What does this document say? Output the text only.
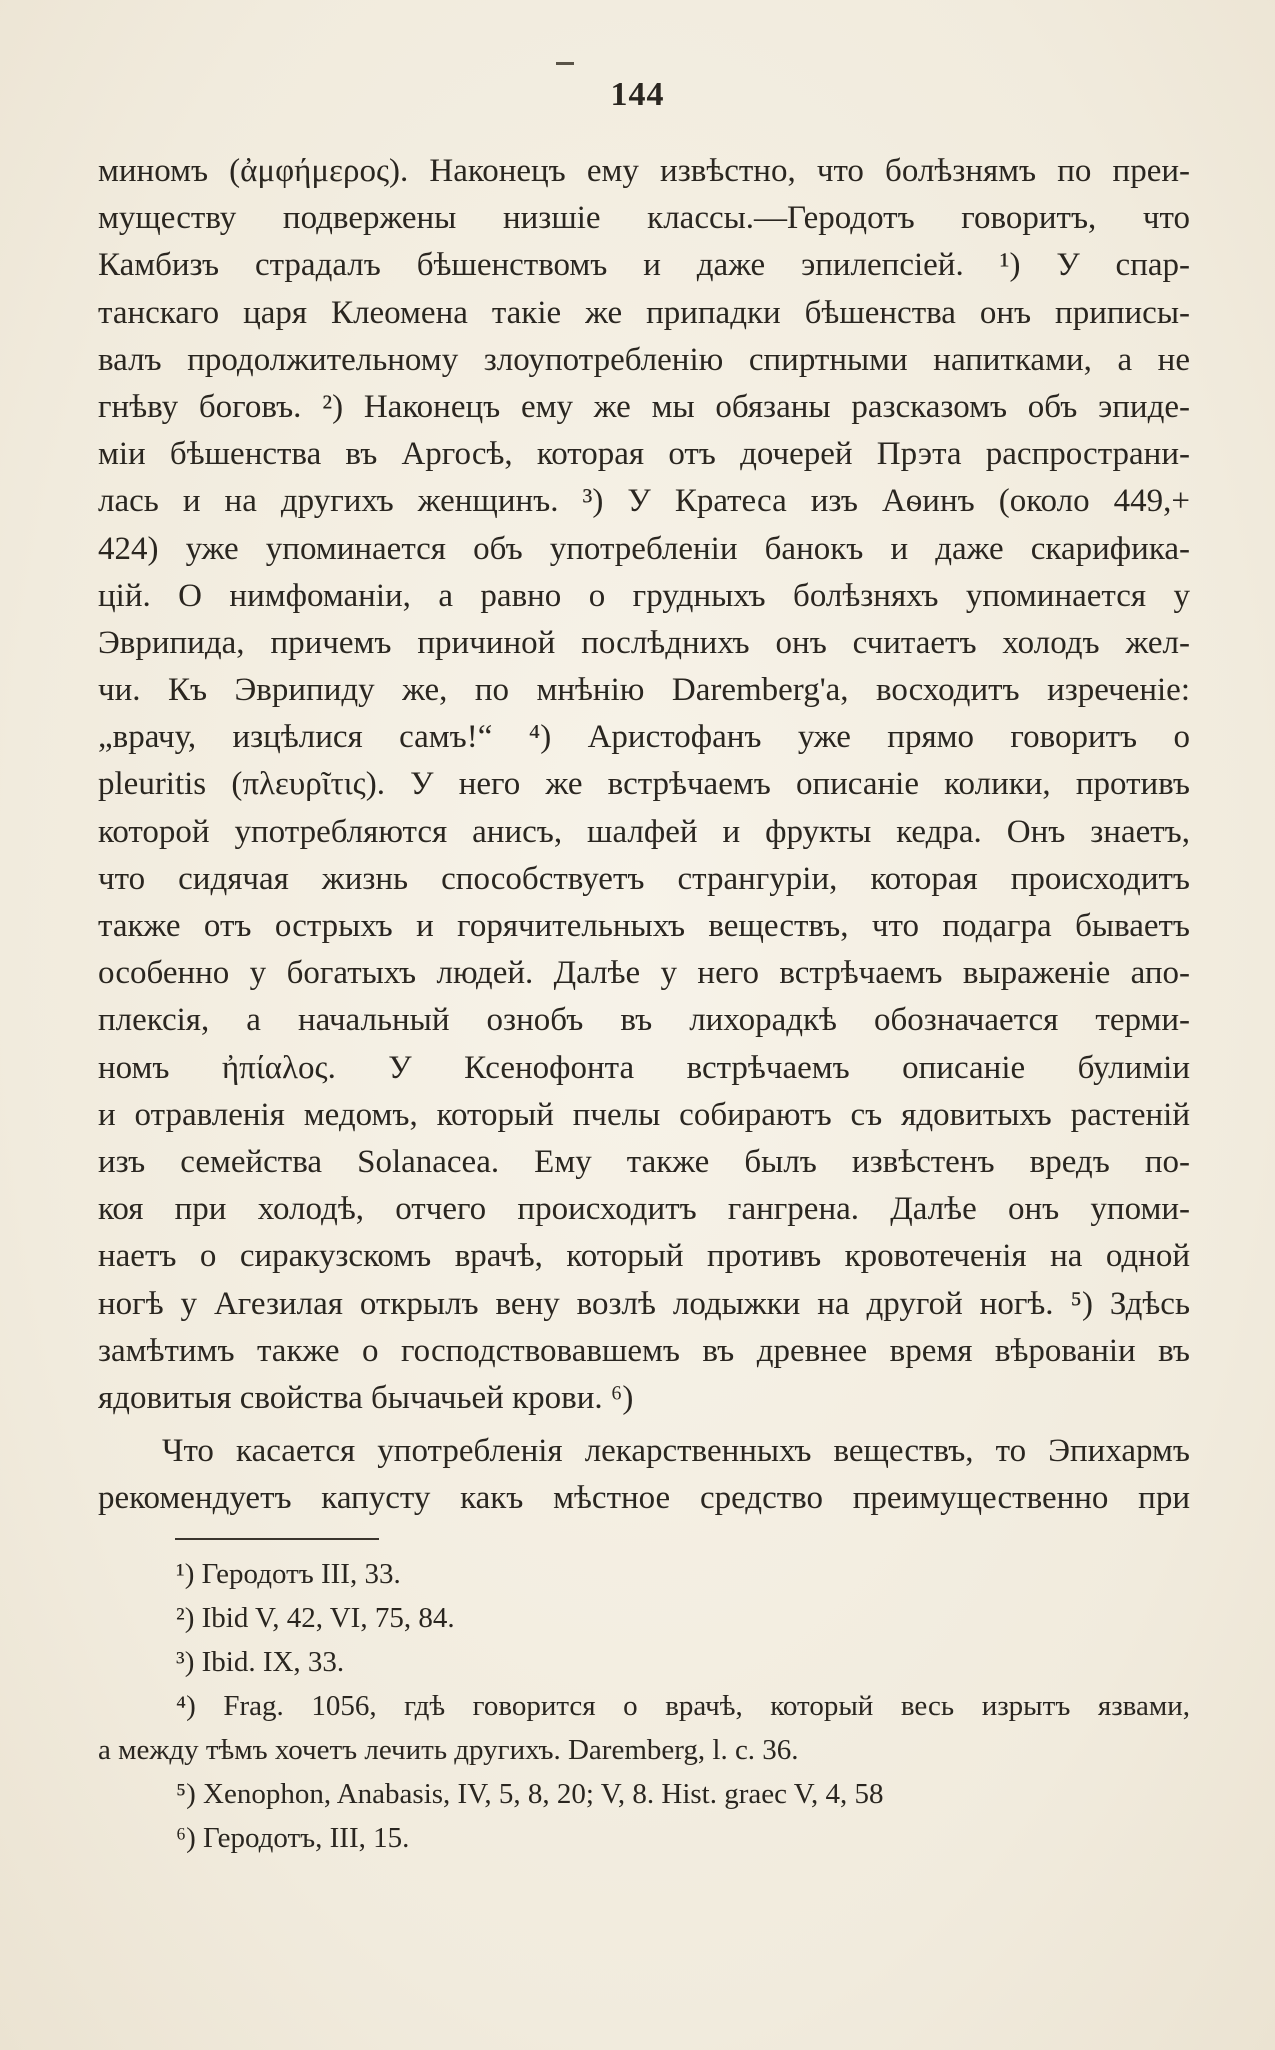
144
миномъ (ἀμφήμερος). Наконецъ ему извѣстно, что болѣзнямъ по преи-
муществу подвержены низшіе классы.—Геродотъ говоритъ, что
Камбизъ страдалъ бѣшенствомъ и даже эпилепсіей. ¹) У спар-
танскаго царя Клеомена такіе же припадки бѣшенства онъ приписы-
валъ продолжительному злоупотребленію спиртными напитками, а не
гнѣву боговъ. ²) Наконецъ ему же мы обязаны разсказомъ объ эпиде-
міи бѣшенства въ Аргосѣ, которая отъ дочерей Прэта распространи-
лась и на другихъ женщинъ. ³) У Кратеса изъ Аѳинъ (около 449,+
424) уже упоминается объ употребленіи банокъ и даже скарифика-
цій. О нимфоманіи, а равно о грудныхъ болѣзняхъ упоминается у
Эврипида, причемъ причиной послѣднихъ онъ считаетъ холодъ жел-
чи. Къ Эврипиду же, по мнѣнію Daremberg'а, восходитъ изреченіе:
„врачу, изцѣлися самъ!“ ⁴) Аристофанъ уже прямо говоритъ о
pleuritis (πλευρῖτις). У него же встрѣчаемъ описаніе колики, противъ
которой употребляются анисъ, шалфей и фрукты кедра. Онъ знаетъ,
что сидячая жизнь способствуетъ странгуріи, которая происходитъ
также отъ острыхъ и горячительныхъ веществъ, что подагра бываетъ
особенно у богатыхъ людей. Далѣе у него встрѣчаемъ выраженіе апо-
плексія, а начальный ознобъ въ лихорадкѣ обозначается терми-
номъ ἠπίαλος. У Ксенофонта встрѣчаемъ описаніе булиміи
и отравленія медомъ, который пчелы собираютъ съ ядовитыхъ растеній
изъ семейства Solanacea. Ему также былъ извѣстенъ вредъ по-
коя при холодѣ, отчего происходитъ гангрена. Далѣе онъ упоми-
наетъ о сиракузскомъ врачѣ, который противъ кровотеченія на одной
ногѣ у Агезилая открылъ вену возлѣ лодыжки на другой ногѣ. ⁵) Здѣсь
замѣтимъ также о господствовавшемъ въ древнее время вѣрованіи въ
ядовитыя свойства бычачьей крови. ⁶)
Что касается употребленія лекарственныхъ веществъ, то Эпихармъ
рекомендуетъ капусту какъ мѣстное средство преимущественно при
¹) Геродотъ III, 33.
²) Ibid V, 42, VI, 75, 84.
³) Ibid. IX, 33.
⁴) Frag. 1056, гдѣ говорится о врачѣ, который весь изрытъ язвами,
а между тѣмъ хочетъ лечить другихъ. Daremberg, l. c. 36.
⁵) Xenophon, Anabasis, IV, 5, 8, 20; V, 8. Hist. graec V, 4, 58
⁶) Геродотъ, III, 15.
